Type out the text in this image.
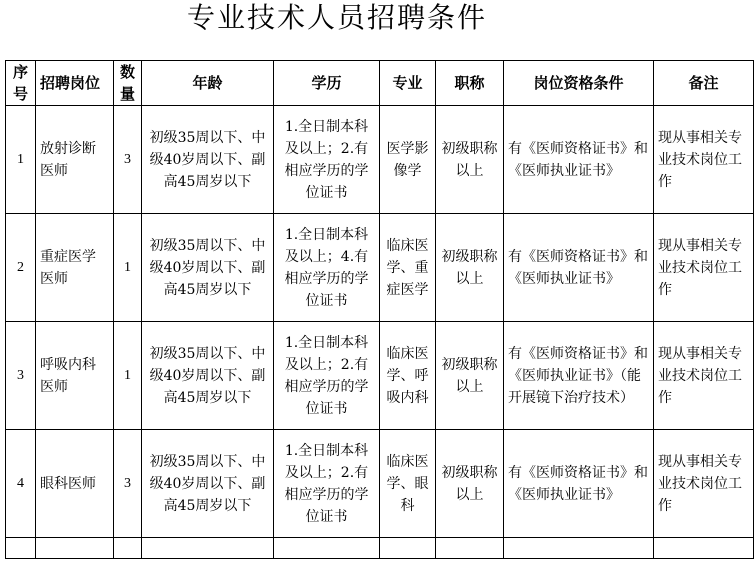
专业技术人员招聘条件
序号	招聘岗位	数量	年龄	学历	专业	职称	岗位资格条件	备注
1	放射诊断医师	3	初级35周以下、中级40岁周以下、副高45周岁以下	1.全日制本科及以上；2.有相应学历的学位证书	医学影像学	初级职称以上	有《医师资格证书》和《医师执业证书》	现从事相关专业技术岗位工作
2	重症医学医师	1	初级35周以下、中级40岁周以下、副高45周岁以下	1.全日制本科及以上；4.有相应学历的学位证书	临床医学、重症医学	初级职称以上	有《医师资格证书》和《医师执业证书》	现从事相关专业技术岗位工作
3	呼吸内科医师	1	初级35周以下、中级40岁周以下、副高45周岁以下	1.全日制本科及以上；2.有相应学历的学位证书	临床医学、呼吸内科	初级职称以上	有《医师资格证书》和《医师执业证书》（能开展镜下治疗技术）	现从事相关专业技术岗位工作
4	眼科医师	3	初级35周以下、中级40岁周以下、副高45周岁以下	1.全日制本科及以上；2.有相应学历的学位证书	临床医学、眼科	初级职称以上	有《医师资格证书》和《医师执业证书》	现从事相关专业技术岗位工作
